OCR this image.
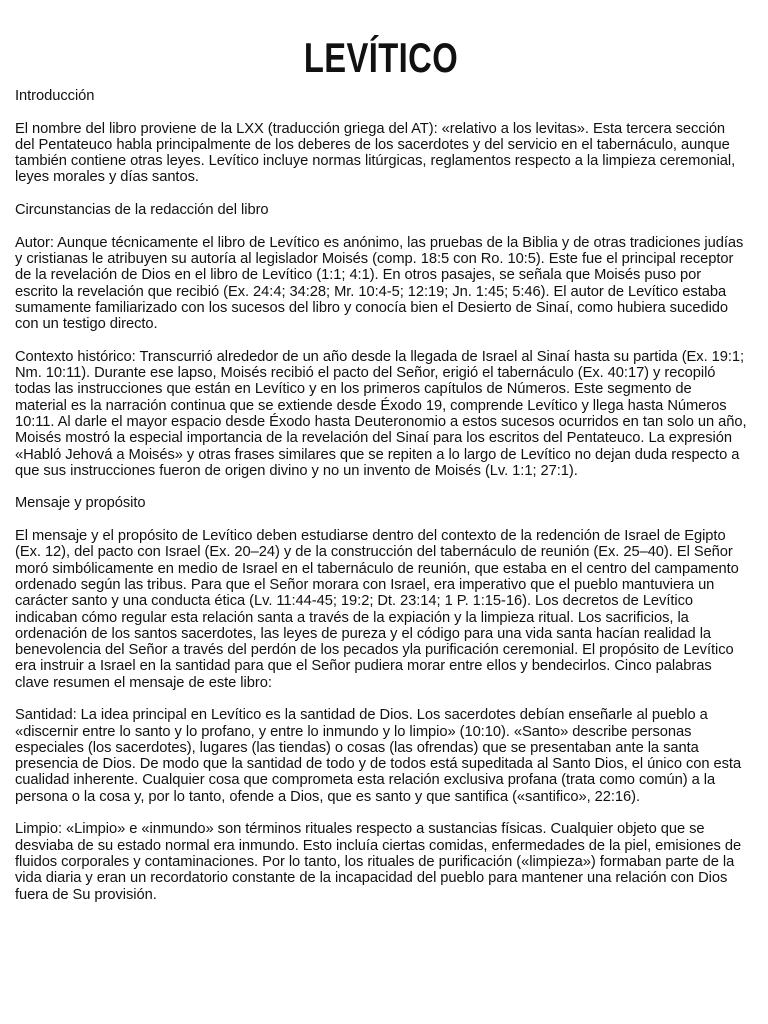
LEVÍTICO

Introducción

El nombre del libro proviene de la LXX (traducción griega del AT): «relativo a los levitas». Esta tercera sección del Pentateuco habla principalmente de los deberes de los sacerdotes y del servicio en el tabernáculo, aunque también contiene otras leyes. Levítico incluye normas litúrgicas, reglamentos respecto a la limpieza ceremonial, leyes morales y días santos.

Circunstancias de la redacción del libro

Autor: Aunque técnicamente el libro de Levítico es anónimo, las pruebas de la Biblia y de otras tradiciones judías y cristianas le atribuyen su autoría al legislador Moisés (comp. 18:5 con Ro. 10:5). Este fue el principal receptor de la revelación de Dios en el libro de Levítico (1:1; 4:1). En otros pasajes, se señala que Moisés puso por escrito la revelación que recibió (Ex. 24:4; 34:28; Mr. 10:4-5; 12:19; Jn. 1:45; 5:46). El autor de Levítico estaba sumamente familiarizado con los sucesos del libro y conocía bien el Desierto de Sinaí, como hubiera sucedido con un testigo directo.

Contexto histórico: Transcurrió alrededor de un año desde la llegada de Israel al Sinaí hasta su partida (Ex. 19:1; Nm. 10:11). Durante ese lapso, Moisés recibió el pacto del Señor, erigió el tabernáculo (Ex. 40:17) y recopiló todas las instrucciones que están en Levítico y en los primeros capítulos de Números. Este segmento de material es la narración continua que se extiende desde Éxodo 19, comprende Levítico y llega hasta Números 10:11. Al darle el mayor espacio desde Éxodo hasta Deuteronomio a estos sucesos ocurridos en tan solo un año, Moisés mostró la especial importancia de la revelación del Sinaí para los escritos del Pentateuco. La expresión «Habló Jehová a Moisés» y otras frases similares que se repiten a lo largo de Levítico no dejan duda respecto a que sus instrucciones fueron de origen divino y no un invento de Moisés (Lv. 1:1; 27:1).

Mensaje y propósito

El mensaje y el propósito de Levítico deben estudiarse dentro del contexto de la redención de Israel de Egipto (Ex. 12), del pacto con Israel (Ex. 20–24) y de la construcción del tabernáculo de reunión (Ex. 25–40). El Señor moró simbólicamente en medio de Israel en el tabernáculo de reunión, que estaba en el centro del campamento ordenado según las tribus. Para que el Señor morara con Israel, era imperativo que el pueblo mantuviera un carácter santo y una conducta ética (Lv. 11:44-45; 19:2; Dt. 23:14; 1 P. 1:15-16). Los decretos de Levítico indicaban cómo regular esta relación santa a través de la expiación y la limpieza ritual. Los sacrificios, la ordenación de los santos sacerdotes, las leyes de pureza y el código para una vida santa hacían realidad la benevolencia del Señor a través del perdón de los pecados yla purificación ceremonial. El propósito de Levítico era instruir a Israel en la santidad para que el Señor pudiera morar entre ellos y bendecirlos. Cinco palabras clave resumen el mensaje de este libro:

Santidad: La idea principal en Levítico es la santidad de Dios. Los sacerdotes debían enseñarle al pueblo a «discernir entre lo santo y lo profano, y entre lo inmundo y lo limpio» (10:10). «Santo» describe personas especiales (los sacerdotes), lugares (las tiendas) o cosas (las ofrendas) que se presentaban ante la santa presencia de Dios. De modo que la santidad de todo y de todos está supeditada al Santo Dios, el único con esta cualidad inherente. Cualquier cosa que comprometa esta relación exclusiva profana (trata como común) a la persona o la cosa y, por lo tanto, ofende a Dios, que es santo y que santifica («santifico», 22:16).

Limpio: «Limpio» e «inmundo» son términos rituales respecto a sustancias físicas. Cualquier objeto que se desviaba de su estado normal era inmundo. Esto incluía ciertas comidas, enfermedades de la piel, emisiones de fluidos corporales y contaminaciones. Por lo tanto, los rituales de purificación («limpieza») formaban parte de la vida diaria y eran un recordatorio constante de la incapacidad del pueblo para mantener una relación con Dios fuera de Su provisión.
